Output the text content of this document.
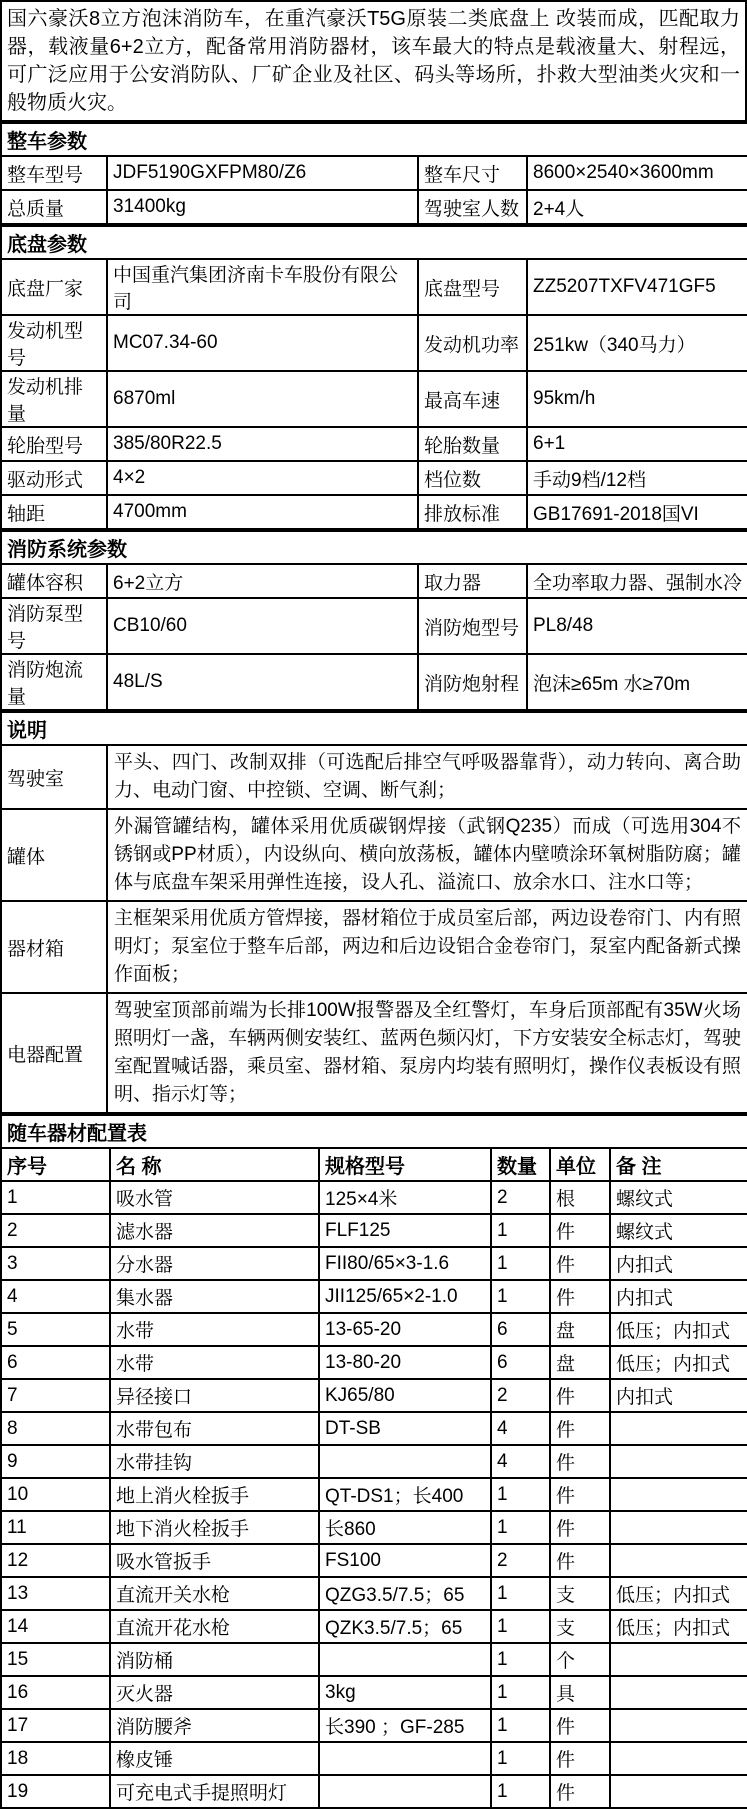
国六豪沃8立方泡沫消防车，在重汽豪沃T5G原装二类底盘上 改装而成，匹配取力器，载液量6+2立方，配备常用消防器材，该车最大的特点是载液量大、射程远，可广泛应用于公安消防队、厂矿企业及社区、码头等场所，扑救大型油类火灾和一般物质火灾。
整车参数			
整车型号	JDF5190GXFPM80/Z6	整车尺寸	8600×2540×3600mm
总质量	31400kg	驾驶室人数	2+4人
底盘参数			
底盘厂家	中国重汽集团济南卡车股份有限公司	底盘型号	ZZ5207TXFV471GF5
发动机型号	MC07.34-60	发动机功率	251kw（340马力）
发动机排量	6870ml	最高车速	95km/h
轮胎型号	385/80R22.5	轮胎数量	6+1
驱动形式	4×2	档位数	手动9档/12档
轴距	4700mm	排放标准	GB17691-2018国VI
消防系统参数			
罐体容积	6+2立方	取力器	全功率取力器、强制水冷
消防泵型号	CB10/60	消防炮型号	PL8/48
消防炮流量	48L/S	消防炮射程	泡沫≥65m 水≥70m
说明	
驾驶室	平头、四门、改制双排（可选配后排空气呼吸器靠背），动力转向、离合助力、电动门窗、中控锁、空调、断气刹；
罐体	外漏管罐结构，罐体采用优质碳钢焊接（武钢Q235）而成（可选用304不锈钢或PP材质），内设纵向、横向放荡板，罐体内壁喷涂环氧树脂防腐；罐体与底盘车架采用弹性连接，设人孔、溢流口、放余水口、注水口等；
器材箱	主框架采用优质方管焊接，器材箱位于成员室后部，两边设卷帘门、内有照明灯；泵室位于整车后部，两边和后边设铝合金卷帘门，泵室内配备新式操作面板；
电器配置	驾驶室顶部前端为长排100W报警器及全红警灯，车身后顶部配有35W火场照明灯一盏，车辆两侧安装红、蓝两色频闪灯，下方安装安全标志灯，驾驶室配置喊话器，乘员室、器材箱、泵房内均装有照明灯，操作仪表板设有照明、指示灯等；
随车器材配置表					
序号	名 称	规格型号	数量	单位	备 注
1	吸水管	125×4米	2	根	螺纹式
2	滤水器	FLF125	1	件	螺纹式
3	分水器	FII80/65×3-1.6	1	件	内扣式
4	集水器	JII125/65×2-1.0	1	件	内扣式
5	水带	13-65-20	6	盘	低压；内扣式
6	水带	13-80-20	6	盘	低压；内扣式
7	异径接口	KJ65/80	2	件	内扣式
8	水带包布	DT-SB	4	件	
9	水带挂钩		4	件	
10	地上消火栓扳手	QT-DS1；长400	1	件	
11	地下消火栓扳手	长860	1	件	
12	吸水管扳手	FS100	2	件	
13	直流开关水枪	QZG3.5/7.5；65	1	支	低压；内扣式
14	直流开花水枪	QZK3.5/7.5；65	1	支	低压；内扣式
15	消防桶		1	个	
16	灭火器	3kg	1	具	
17	消防腰斧	长390 ；GF-285	1	件	
18	橡皮锤		1	件	
19	可充电式手提照明灯		1	件	
